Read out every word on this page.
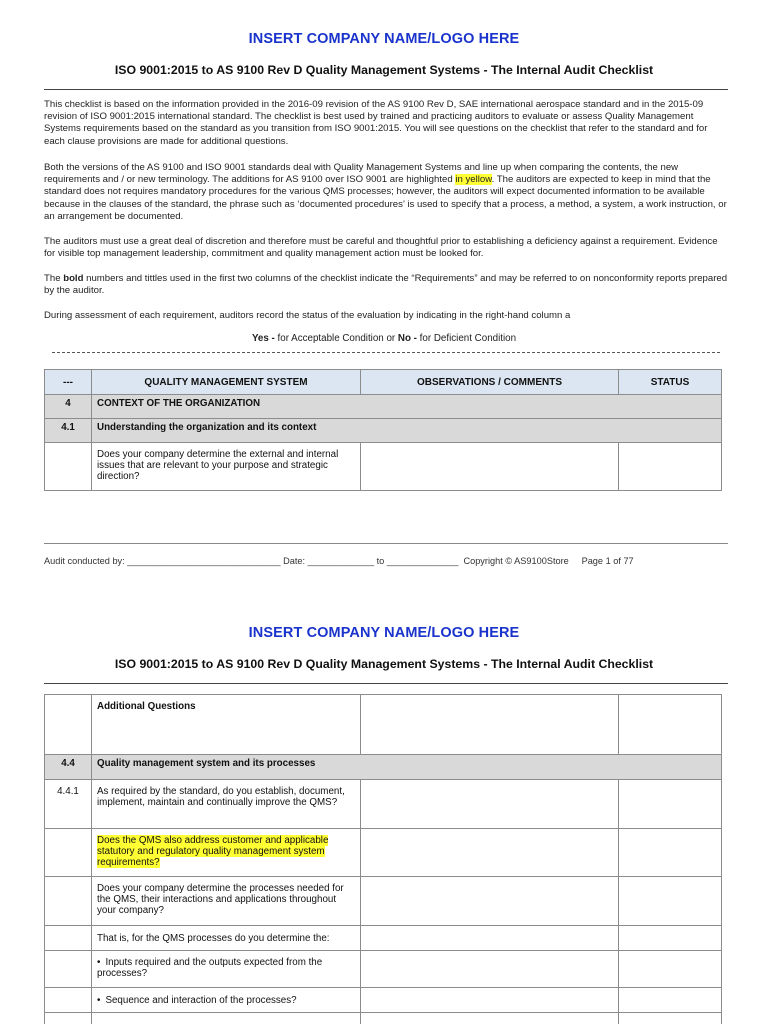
INSERT COMPANY NAME/LOGO HERE
ISO 9001:2015 to AS 9100 Rev D Quality Management Systems - The Internal Audit Checklist

This checklist is based on the information provided in the 2016-09 revision of the AS 9100 Rev D, SAE international aerospace standard and in the 2015-09 revision of ISO 9001:2015 international standard. The checklist is best used by trained and practicing auditors to evaluate or assess Quality Management Systems requirements based on the standard as you transition from ISO 9001:2015. You will see questions on the checklist that refer to the standard and for each clause provisions are made for additional questions.

Both the versions of the AS 9100 and ISO 9001 standards deal with Quality Management Systems and line up when comparing the contents, the new requirements and / or new terminology. The additions for AS 9100 over ISO 9001 are highlighted in yellow. The auditors are expected to keep in mind that the standard does not requires mandatory procedures for the various QMS processes; however, the auditors will expect documented information to be available because in the clauses of the standard, the phrase such as ‘documented procedures’ is used to specify that a process, a method, a system, a work instruction, or an arrangement be documented.

The auditors must use a great deal of discretion and therefore must be careful and thoughtful prior to establishing a deficiency against a requirement. Evidence for visible top management leadership, commitment and quality management action must be looked for.

The bold numbers and tittles used in the first two columns of the checklist indicate the “Requirements” and may be referred to on nonconformity reports prepared by the auditor.

During assessment of each requirement, auditors record the status of the evaluation by indicating in the right-hand column a

Yes - for Acceptable Condition or No - for Deficient Condition
---	QUALITY MANAGEMENT SYSTEM	OBSERVATIONS / COMMENTS	STATUS
4	CONTEXT OF THE ORGANIZATION		
4.1	Understanding the organization and its context		
	Does your company determine the external and internal issues that are relevant to your purpose and strategic direction?		
Audit conducted by: ______________________________ Date: _____________ to ______________ Copyright © AS9100Store Page 1 of 77
INSERT COMPANY NAME/LOGO HERE
ISO 9001:2015 to AS 9100 Rev D Quality Management Systems - The Internal Audit Checklist
	Additional Questions		
4.4	Quality management system and its processes		
4.4.1	As required by the standard, do you establish, document, implement, maintain and continually improve the QMS?		
	Does the QMS also address customer and applicable statutory and regulatory quality management system requirements?		
	Does your company determine the processes needed for the QMS, their interactions and applications throughout your company?		
	That is, for the QMS processes do you determine the:		
	• Inputs required and the outputs expected from the processes?		
	• Sequence and interaction of the processes?		
